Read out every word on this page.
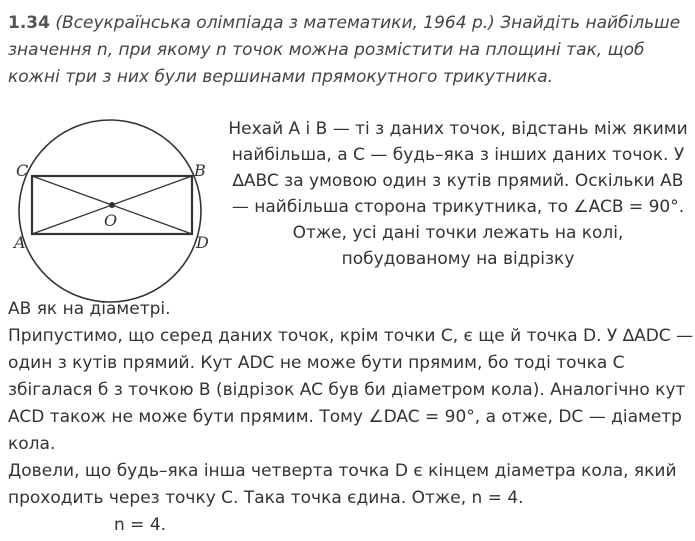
1.34 (Всеукраїнська олімпіада з математики, 1964 р.) Знайдіть найбільше значення n, при якому n точок можна розмістити на площині так, щоб кожні три з них були вершинами прямокутного трикутника.

C	B
O
A	D

Нехай A і B — ті з даних точок, відстань між якими найбільша, а C — будь–яка з інших даних точок. У ∆ABC за умовою один з кутів прямий. Оскільки AB — найбільша сторона трикутника, то ∠ACB = 90°. Отже, усі дані точки лежать на колі, побудованому на відрізку

AB як на діаметрі.
Припустимо, що серед даних точок, крім точки C, є ще й точка D. У ∆ADC — один з кутів прямий. Кут ADC не може бути прямим, бо тоді точка C збігалася б з точкою B (відрізок AC був би діаметром кола). Аналогічно кут ACD також не може бути прямим. Тому ∠DAC = 90°, а отже, DC — діаметр кола.
Довели, що будь–яка інша четверта точка D є кінцем діаметра кола, який проходить через точку C. Така точка єдина. Отже, n = 4.
n = 4.
